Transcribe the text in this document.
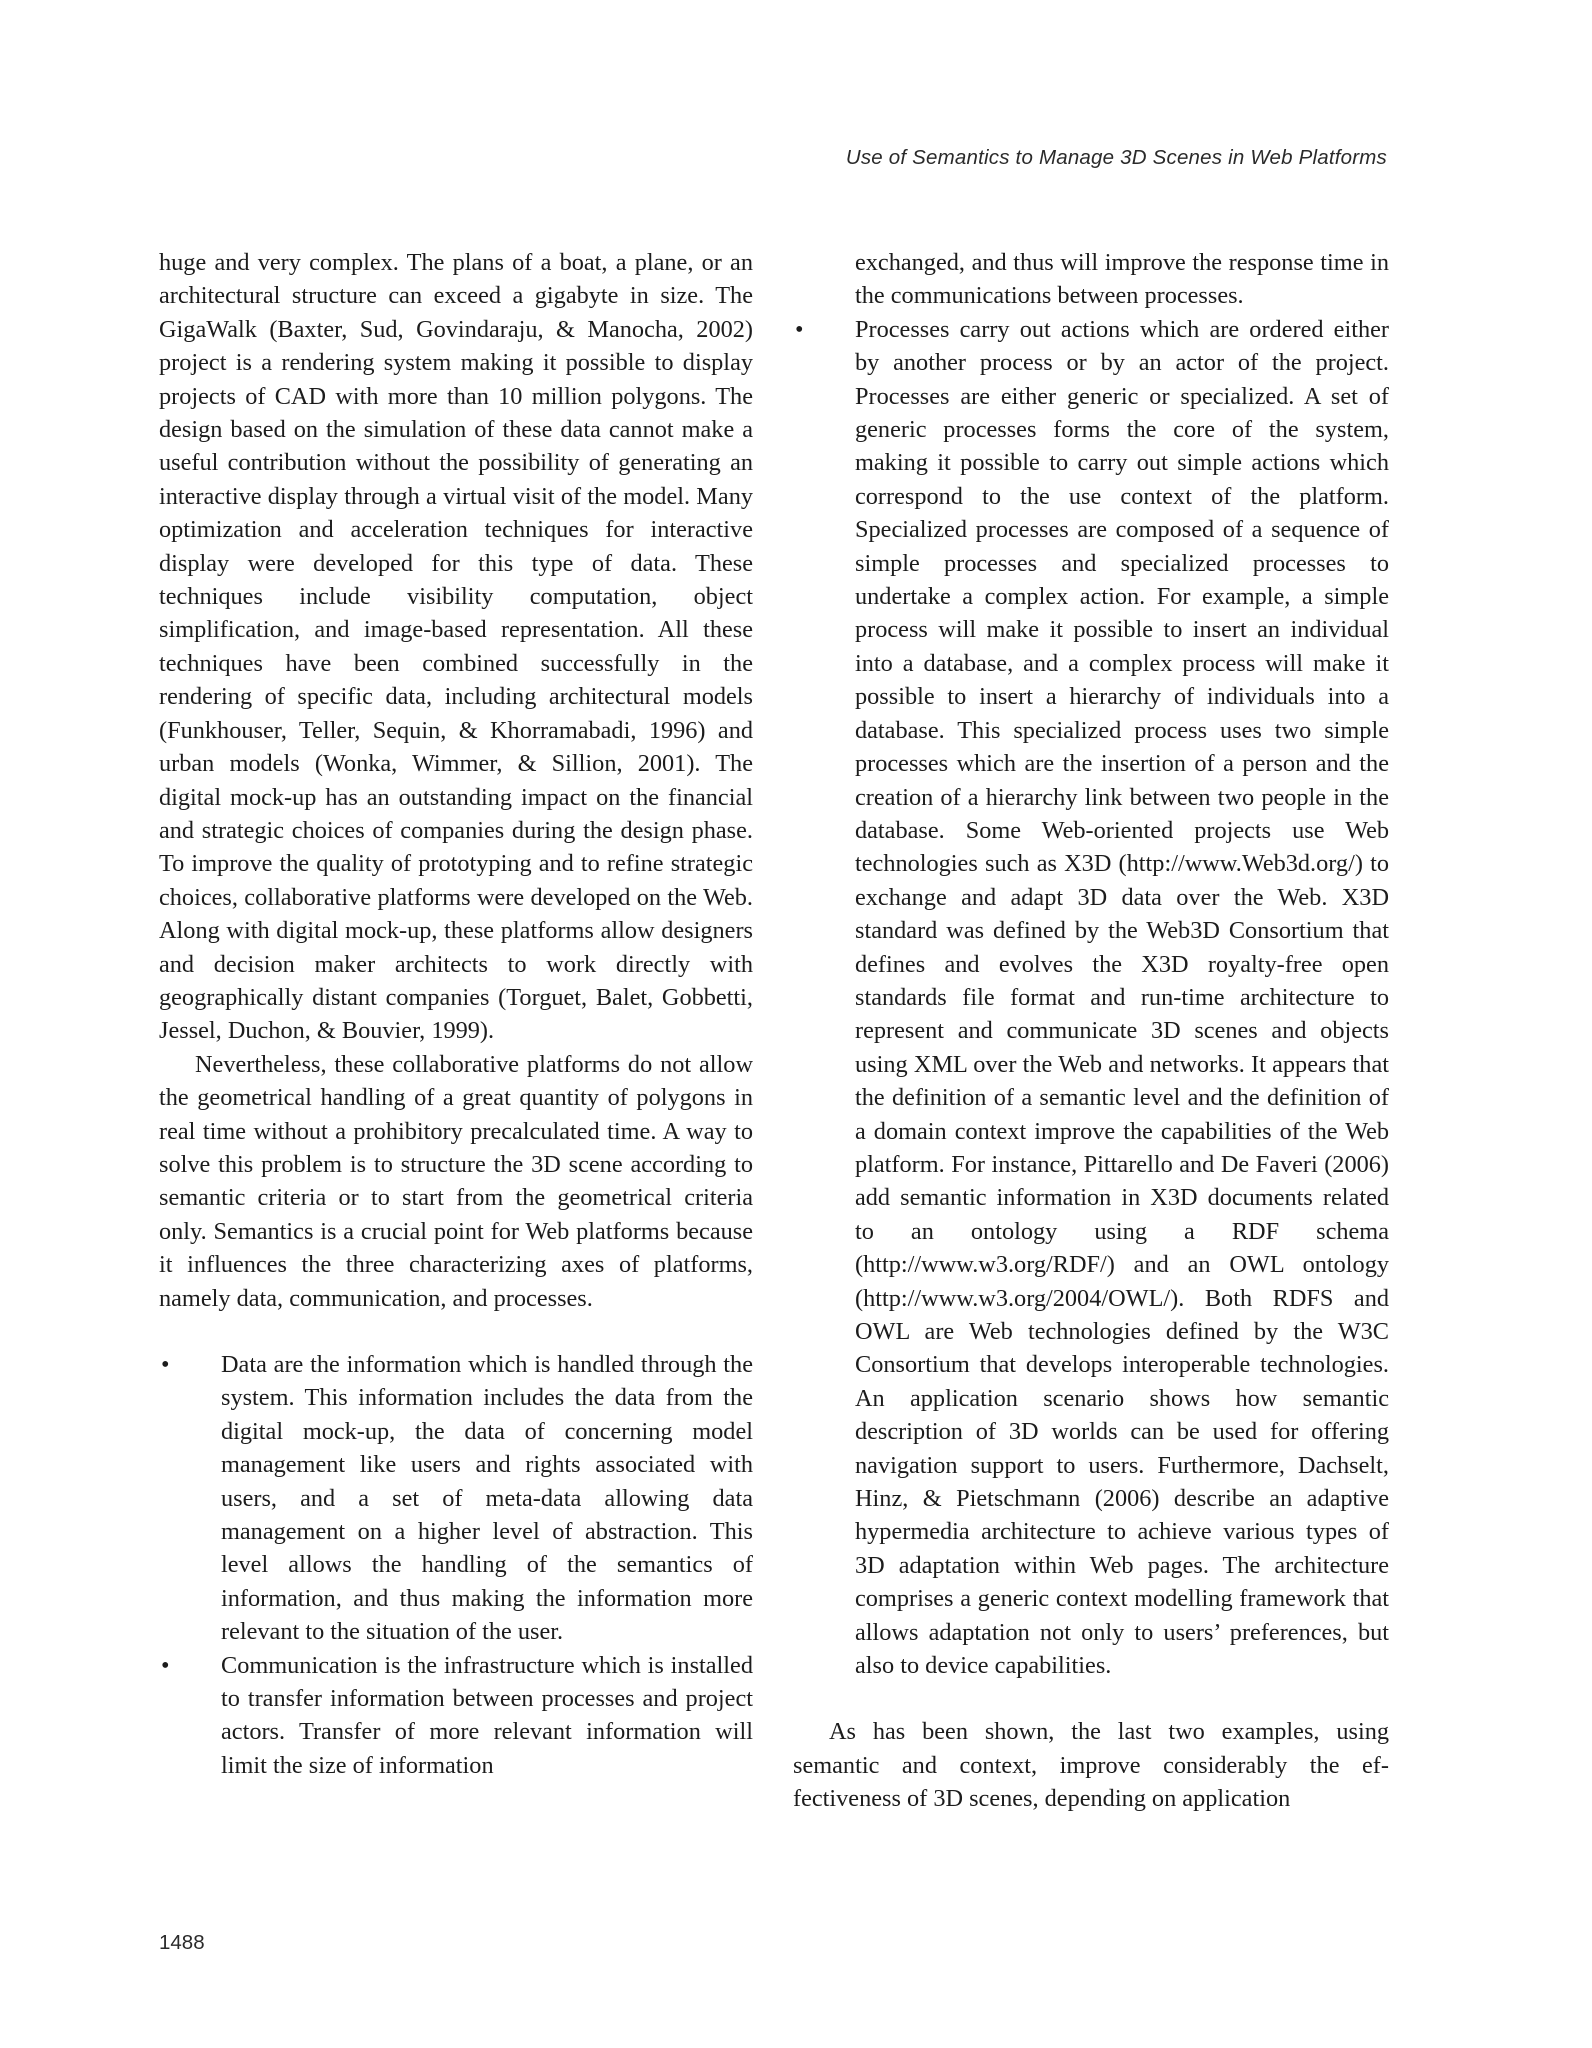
Use of Semantics to Manage 3D Scenes in Web Platforms

huge and very complex. The plans of a boat, a plane, or an architectural structure can exceed a gigabyte in size. The GigaWalk (Baxter, Sud, Govindaraju, & Manocha, 2002) project is a rendering system making it possible to display projects of CAD with more than 10 million polygons. The design based on the simulation of these data cannot make a useful contribution without the possibility of generating an interactive display through a virtual visit of the model. Many optimization and acceleration techniques for interactive display were developed for this type of data. These techniques include visibility computation, object simplification, and image-based representation. All these techniques have been combined successfully in the rendering of specific data, including architectural models (Funkhouser, Teller, Sequin, & Khorramabadi, 1996) and urban models (Wonka, Wimmer, & Sillion, 2001). The digital mock-up has an outstanding impact on the financial and strategic choices of companies during the design phase. To improve the quality of prototyping and to refine strategic choices, collaborative platforms were developed on the Web. Along with digital mock-up, these platforms allow designers and decision maker architects to work directly with geographically distant companies (Torguet, Balet, Gobbetti, Jessel, Duchon, & Bouvier, 1999).

Nevertheless, these collaborative platforms do not allow the geometrical handling of a great quantity of polygons in real time without a prohibitory precalculated time. A way to solve this problem is to structure the 3D scene according to semantic criteria or to start from the geometrical criteria only. Semantics is a crucial point for Web platforms because it influences the three characterizing axes of platforms, namely data, communication, and processes.

• Data are the information which is handled through the system. This information includes the data from the digital mock-up, the data of concerning model management like users and rights associated with users, and a set of meta-data allowing data management on a higher level of abstraction. This level allows the handling of the semantics of information, and thus making the information more relevant to the situation of the user.
• Communication is the infrastructure which is installed to transfer information between processes and project actors. Transfer of more relevant information will limit the size of information
exchanged, and thus will improve the response time in the communications between processes.
• Processes carry out actions which are ordered either by another process or by an actor of the project. Processes are either generic or specialized. A set of generic processes forms the core of the system, making it possible to carry out simple actions which correspond to the use context of the platform. Specialized processes are composed of a sequence of simple processes and specialized processes to undertake a complex action. For example, a simple process will make it possible to insert an individual into a database, and a complex process will make it possible to insert a hierarchy of individuals into a database. This specialized process uses two simple processes which are the insertion of a person and the creation of a hierarchy link between two people in the database. Some Web-oriented projects use Web technologies such as X3D (http://www.Web3d.org/) to exchange and adapt 3D data over the Web. X3D standard was defined by the Web3D Consortium that defines and evolves the X3D royalty-free open standards file format and run-time architecture to represent and communicate 3D scenes and objects using XML over the Web and networks. It appears that the definition of a semantic level and the definition of a domain context improve the capabilities of the Web platform. For instance, Pittarello and De Faveri (2006) add semantic information in X3D documents related to an ontology using a RDF schema (http://www.w3.org/RDF/) and an OWL ontology (http://www.w3.org/2004/OWL/). Both RDFS and OWL are Web technologies defined by the W3C Consortium that develops interoperable technologies. An application scenario shows how semantic description of 3D worlds can be used for offering navigation support to users. Furthermore, Dachselt, Hinz, & Pietschmann (2006) describe an adaptive hypermedia architecture to achieve various types of 3D adaptation within Web pages. The architecture comprises a generic context modelling framework that allows adaptation not only to users’ preferences, but also to device capabilities.

As has been shown, the last two examples, using semantic and context, improve considerably the effectiveness of 3D scenes, depending on application

1488
